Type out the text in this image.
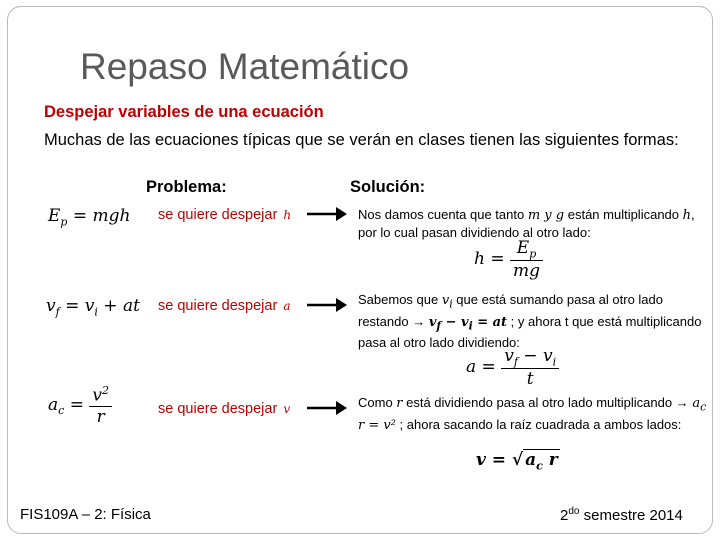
Repaso Matemático
Despejar variables de una ecuación
Muchas de las ecuaciones típicas que se verán en clases tienen las siguientes formas:
Problema:	Solución:
$E_p$ = mgh se quiere despejar h	Nos damos cuenta que tanto m y g están multiplicando h, por lo cual pasan dividiendo al otro lado:
$h = \frac{E_p}{mg}$
$v_f = v_i$ + at se quiere despejar a	Sabemos que $v_i$ que está sumando pasa al otro lado restando → $v_f - v_i$ = at ; y ahora t que está multiplicando pasa al otro lado dividiendo:
$a = \frac{v_f - v_i}{t}$
$a_c = \frac{v^2}{r}$	se quiere despejar v	Como r está dividiendo pasa al otro lado multiplicando → $a_c$ r = v² ; ahora sacando la raíz cuadrada a ambos lados:
v = √ $a_c$ r
FIS109A – 2: Física	$2^{do}$ semestre 2014
